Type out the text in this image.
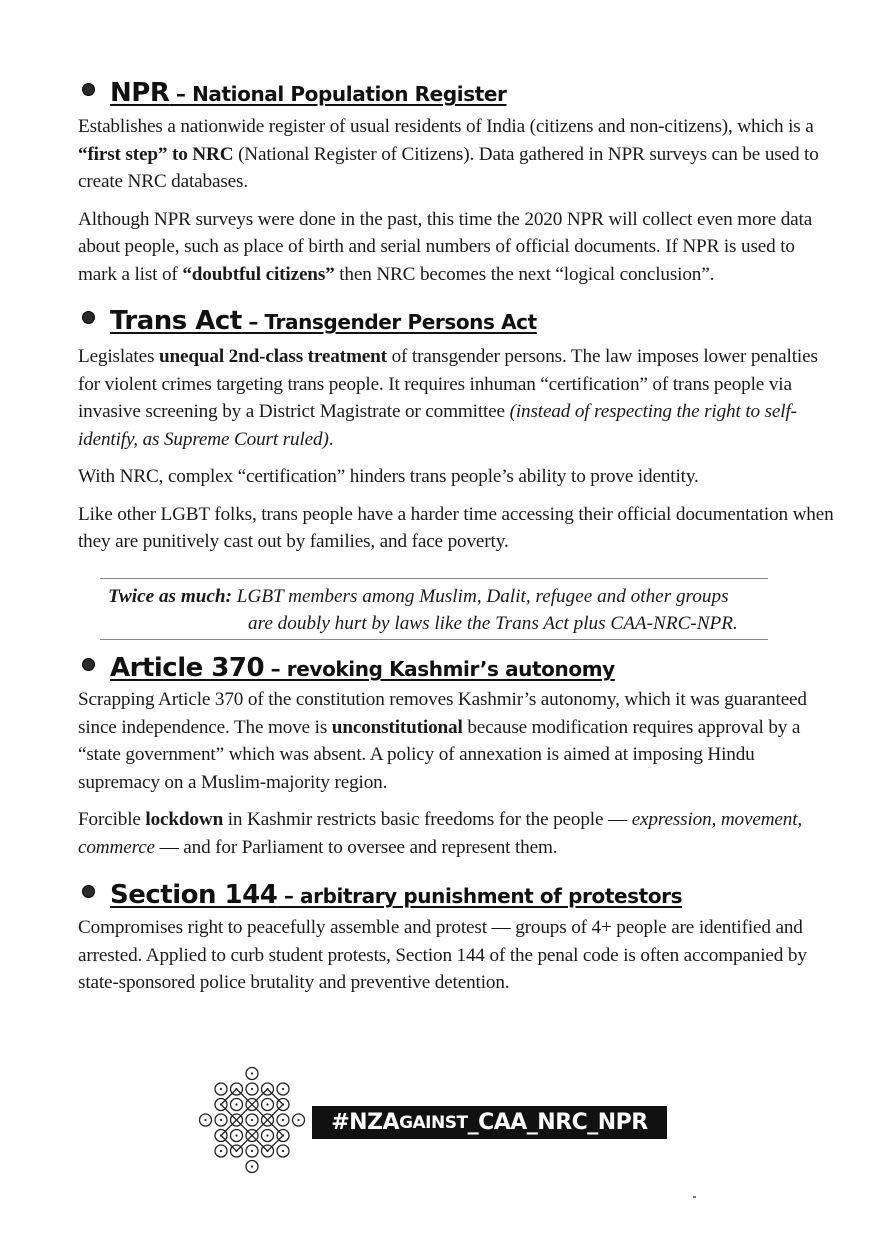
NPR – National Population Register

Establishes a nationwide register of usual residents of India (citizens and non-citizens), which is a “first step” to NRC (National Register of Citizens). Data gathered in NPR surveys can be used to create NRC databases.

Although NPR surveys were done in the past, this time the 2020 NPR will collect even more data about people, such as place of birth and serial numbers of official documents. If NPR is used to mark a list of “doubtful citizens” then NRC becomes the next “logical conclusion”.

Trans Act – Transgender Persons Act

Legislates unequal 2nd-class treatment of transgender persons. The law imposes lower penalties for violent crimes targeting trans people. It requires inhuman “certification” of trans people via invasive screening by a District Magistrate or committee (instead of respecting the right to self-identify, as Supreme Court ruled).

With NRC, complex “certification” hinders trans people’s ability to prove identity.

Like other LGBT folks, trans people have a harder time accessing their official documentation when they are punitively cast out by families, and face poverty.

Twice as much: LGBT members among Muslim, Dalit, refugee and other groups
are doubly hurt by laws like the Trans Act plus CAA-NRC-NPR.
Article 370 – revoking Kashmir’s autonomy

Scrapping Article 370 of the constitution removes Kashmir’s autonomy, which it was guaranteed since independence. The move is unconstitutional because modification requires approval by a “state government” which was absent. A policy of annexation is aimed at imposing Hindu supremacy on a Muslim-majority region.

Forcible lockdown in Kashmir restricts basic freedoms for the people — expression, movement, commerce — and for Parliament to oversee and represent them.

Section 144 – arbitrary punishment of protestors

Compromises right to peacefully assemble and protest — groups of 4+ people are identified and arrested. Applied to curb student protests, Section 144 of the penal code is often accompanied by state-sponsored police brutality and preventive detention.

#NZA GAINST _CAA_NRC_NPR
